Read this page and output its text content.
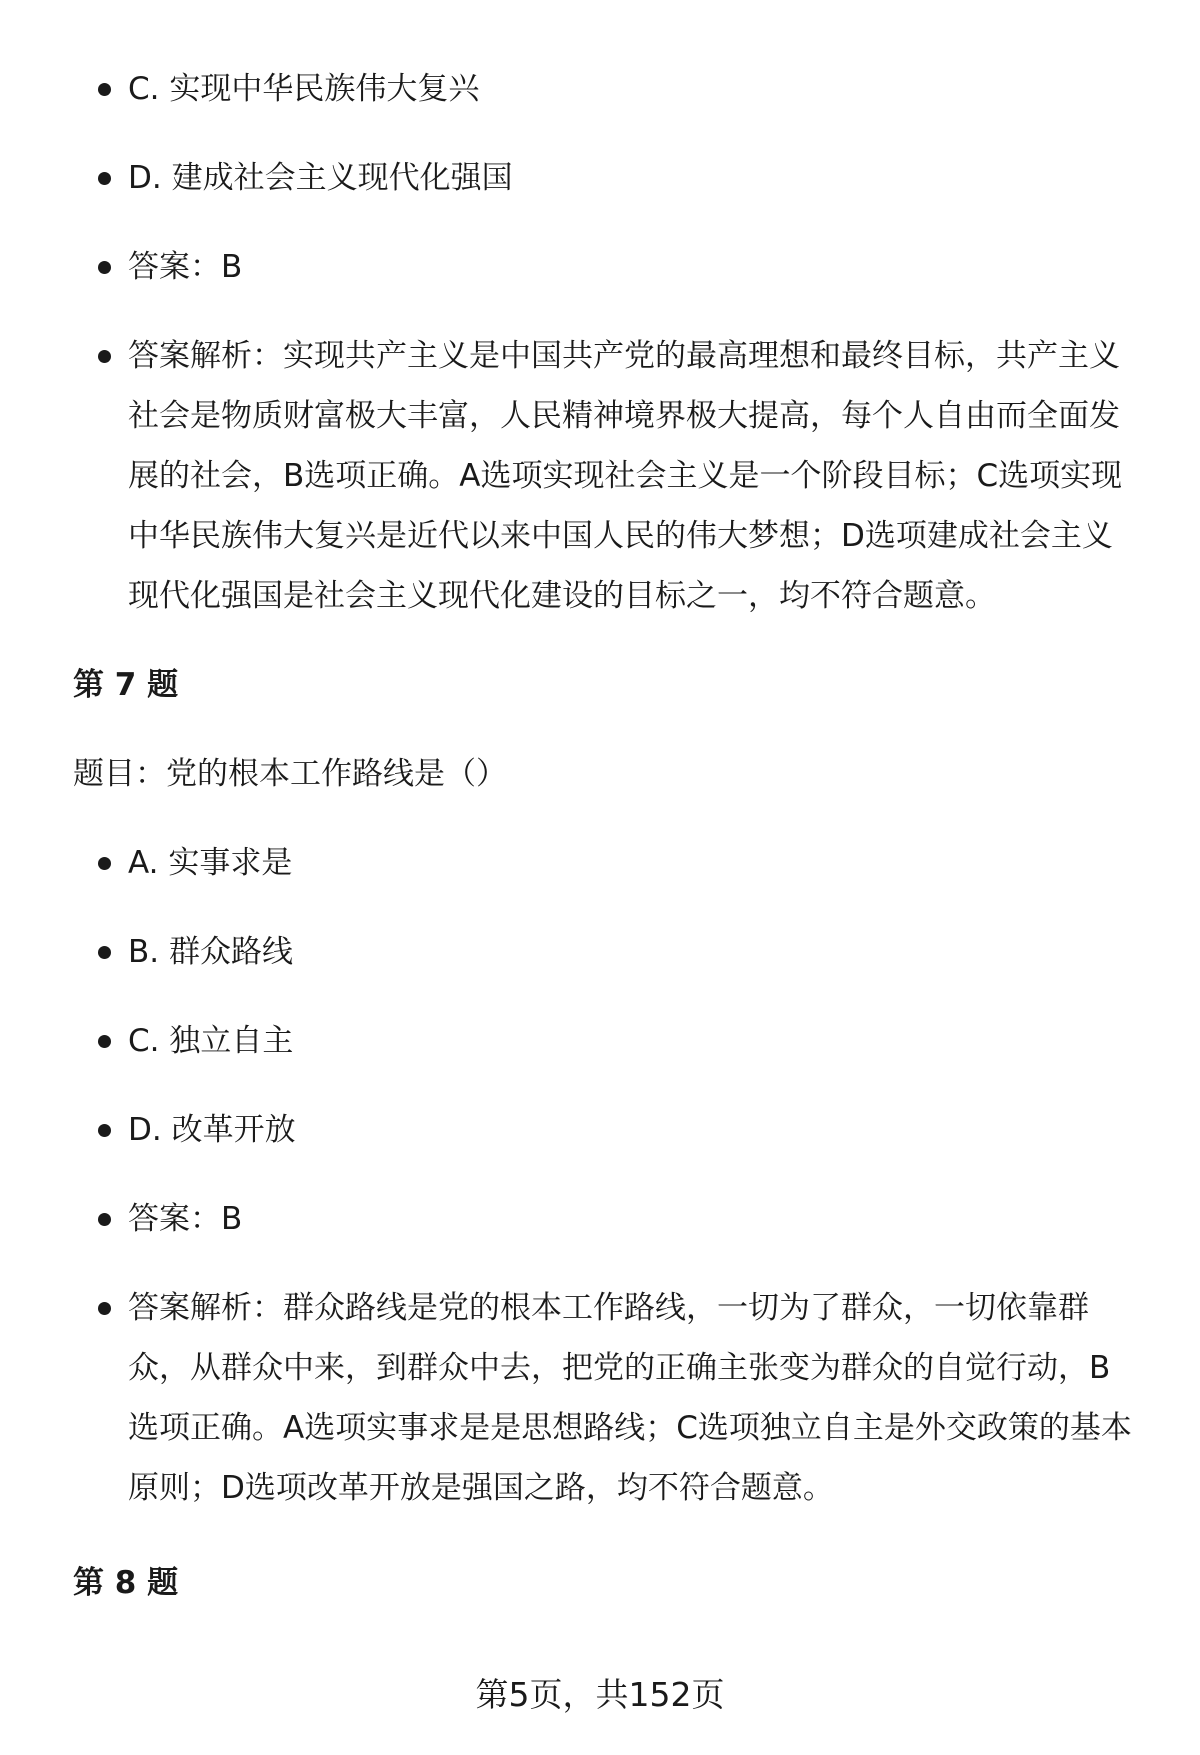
C. 实现中华民族伟大复兴
D. 建成社会主义现代化强国
答案：B
答案解析：实现共产主义是中国共产党的最高理想和最终目标，共产主义社会是物质财富极大丰富，人民精神境界极大提高，每个人自由而全面发展的社会，B选项正确。A选项实现社会主义是一个阶段目标；C选项实现中华民族伟大复兴是近代以来中国人民的伟大梦想；D选项建成社会主义现代化强国是社会主义现代化建设的目标之一，均不符合题意。
第 7 题

题目：党的根本工作路线是（）

A. 实事求是
B. 群众路线
C. 独立自主
D. 改革开放
答案：B
答案解析：群众路线是党的根本工作路线，一切为了群众，一切依靠群众，从群众中来，到群众中去，把党的正确主张变为群众的自觉行动，B选项正确。A选项实事求是是思想路线；C选项独立自主是外交政策的基本原则；D选项改革开放是强国之路，均不符合题意。
第 8 题
第5页，共152页
